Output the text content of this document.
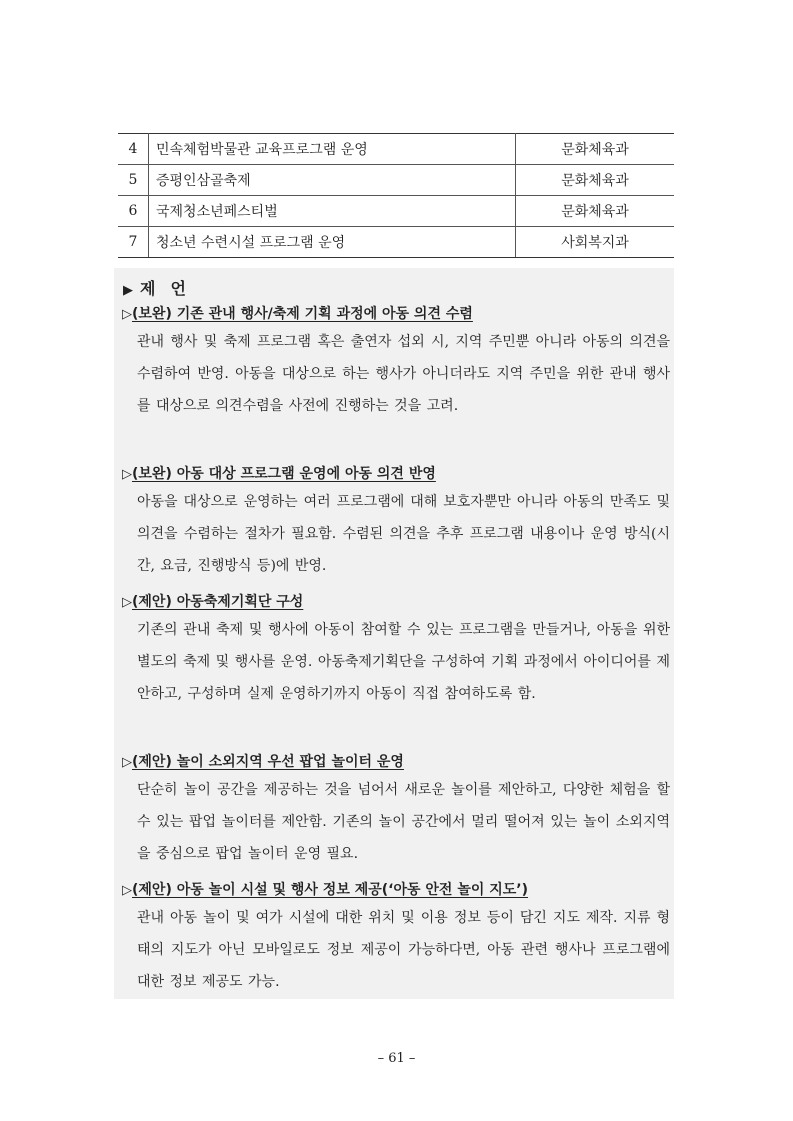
4	민속체험박물관 교육프로그램 운영	문화체육과
5	증평인삼골축제	문화체육과
6	국제청소년페스티벌	문화체육과
7	청소년 수련시설 프로그램 운영	사회복지과
▶ 제 언
▷(보완) 기존 관내 행사/축제 기획 과정에 아동 의견 수렴

관내 행사 및 축제 프로그램 혹은 출연자 섭외 시, 지역 주민뿐 아니라 아동의 의견을 수렴하여 반영. 아동을 대상으로 하는 행사가 아니더라도 지역 주민을 위한 관내 행사를 대상으로 의견수렴을 사전에 진행하는 것을 고려.

▷(보완) 아동 대상 프로그램 운영에 아동 의견 반영

아동을 대상으로 운영하는 여러 프로그램에 대해 보호자뿐만 아니라 아동의 만족도 및 의견을 수렴하는 절차가 필요함. 수렴된 의견을 추후 프로그램 내용이나 운영 방식(시간, 요금, 진행방식 등)에 반영.

▷(제안) 아동축제기획단 구성

기존의 관내 축제 및 행사에 아동이 참여할 수 있는 프로그램을 만들거나, 아동을 위한 별도의 축제 및 행사를 운영. 아동축제기획단을 구성하여 기획 과정에서 아이디어를 제안하고, 구성하며 실제 운영하기까지 아동이 직접 참여하도록 함.

▷(제안) 놀이 소외지역 우선 팝업 놀이터 운영

단순히 놀이 공간을 제공하는 것을 넘어서 새로운 놀이를 제안하고, 다양한 체험을 할 수 있는 팝업 놀이터를 제안함. 기존의 놀이 공간에서 멀리 떨어져 있는 놀이 소외지역을 중심으로 팝업 놀이터 운영 필요.

▷(제안) 아동 놀이 시설 및 행사 정보 제공(‘아동 안전 놀이 지도’)

관내 아동 놀이 및 여가 시설에 대한 위치 및 이용 정보 등이 담긴 지도 제작. 지류 형태의 지도가 아닌 모바일로도 정보 제공이 가능하다면, 아동 관련 행사나 프로그램에 대한 정보 제공도 가능.

– 61 –
